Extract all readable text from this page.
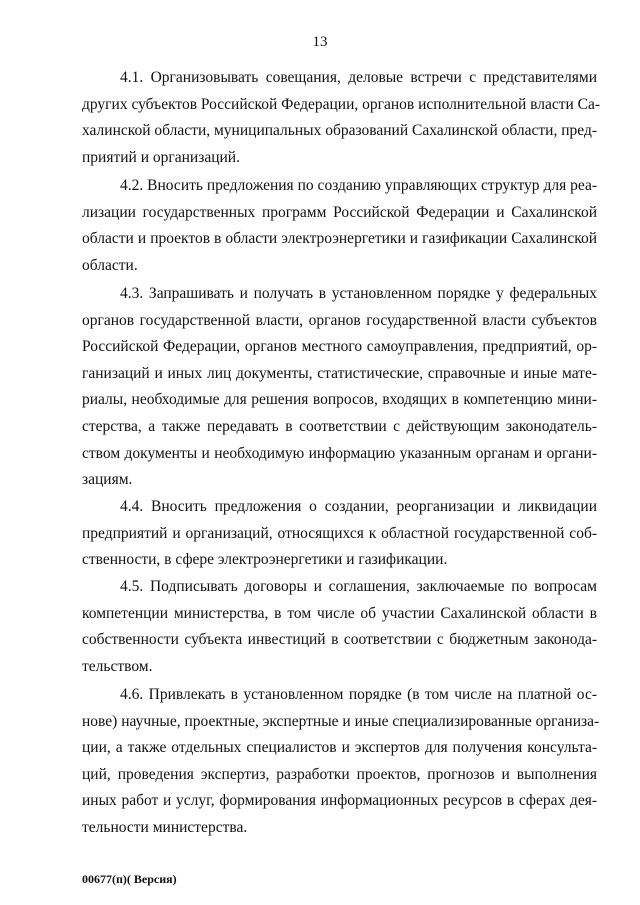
13
4.1. Организовывать совещания, деловые встречи с представителями
других субъектов Российской Федерации, органов исполнительной власти Са-
халинской области, муниципальных образований Сахалинской области, пред-
приятий и организаций.
4.2. Вносить предложения по созданию управляющих структур для реа-
лизации государственных программ Российской Федерации и Сахалинской
области и проектов в области электроэнергетики и газификации Сахалинской
области.
4.3. Запрашивать и получать в установленном порядке у федеральных
органов государственной власти, органов государственной власти субъектов
Российской Федерации, органов местного самоуправления, предприятий, ор-
ганизаций и иных лиц документы, статистические, справочные и иные мате-
риалы, необходимые для решения вопросов, входящих в компетенцию мини-
стерства, а также передавать в соответствии с действующим законодатель-
ством документы и необходимую информацию указанным органам и органи-
зациям.
4.4. Вносить предложения о создании, реорганизации и ликвидации
предприятий и организаций, относящихся к областной государственной соб-
ственности, в сфере электроэнергетики и газификации.
4.5. Подписывать договоры и соглашения, заключаемые по вопросам
компетенции министерства, в том числе об участии Сахалинской области в
собственности субъекта инвестиций в соответствии с бюджетным законода-
тельством.
4.6. Привлекать в установленном порядке (в том числе на платной ос-
нове) научные, проектные, экспертные и иные специализированные организа-
ции, а также отдельных специалистов и экспертов для получения консульта-
ций, проведения экспертиз, разработки проектов, прогнозов и выполнения
иных работ и услуг, формирования информационных ресурсов в сферах дея-
тельности министерства.
00677(п)( Версия)
